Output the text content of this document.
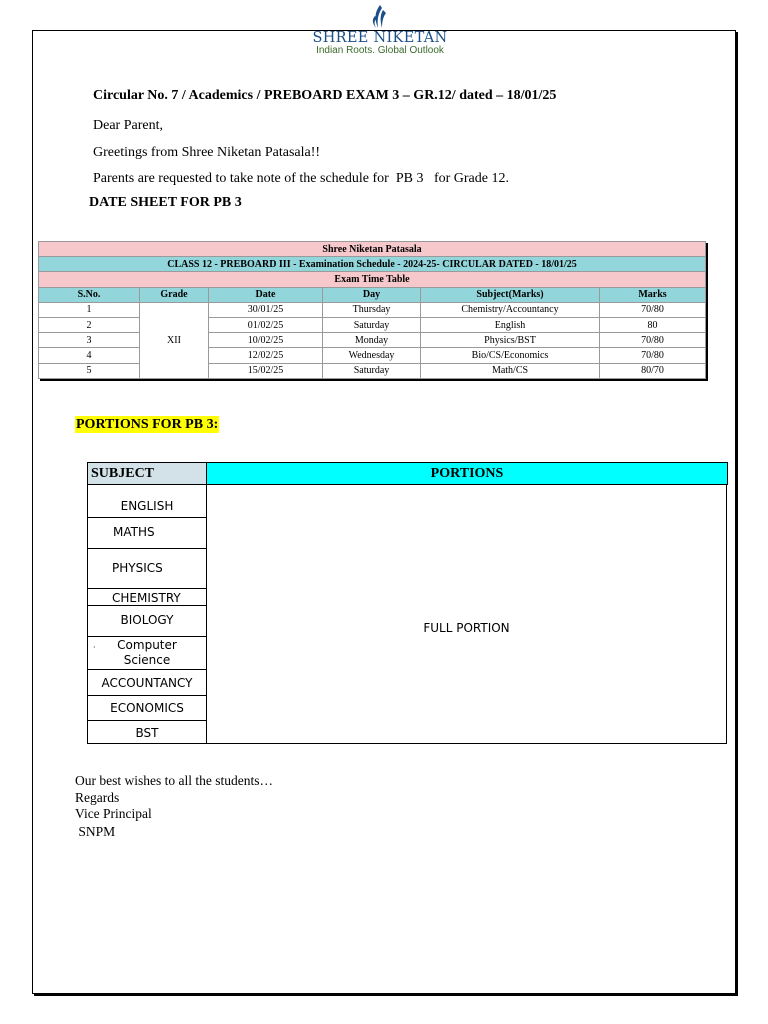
SHREE NIKETAN
Indian Roots. Global Outlook
Circular No. 7 / Academics / PREBOARD EXAM 3 – GR.12/ dated – 18/01/25
Dear Parent,
Greetings from Shree Niketan Patasala!!
Parents are requested to take note of the schedule for  PB 3   for Grade 12.
DATE SHEET FOR PB 3
Shree Niketan Patasala					
CLASS 12 - PREBOARD III - Examination Schedule - 2024-25- CIRCULAR DATED - 18/01/25					
Exam Time Table					
S.No.	Grade	Date	Day	Subject(Marks)	Marks
1	XII	30/01/25	Thursday	Chemistry/Accountancy	70/80
2		01/02/25	Saturday	English	80
3		10/02/25	Monday	Physics/BST	70/80
4		12/02/25	Wednesday	Bio/CS/Economics	70/80
5		15/02/25	Saturday	Math/CS	80/70
PORTIONS FOR PB 3:
SUBJECT	PORTIONS
ENGLISH
MATHS
PHYSICS
CHEMISTRY
BIOLOGY
·	Computer Science
ACCOUNTANCY
ECONOMICS
BST
FULL PORTION
Our best wishes to all the students…
Regards
Vice Principal
SNPM
